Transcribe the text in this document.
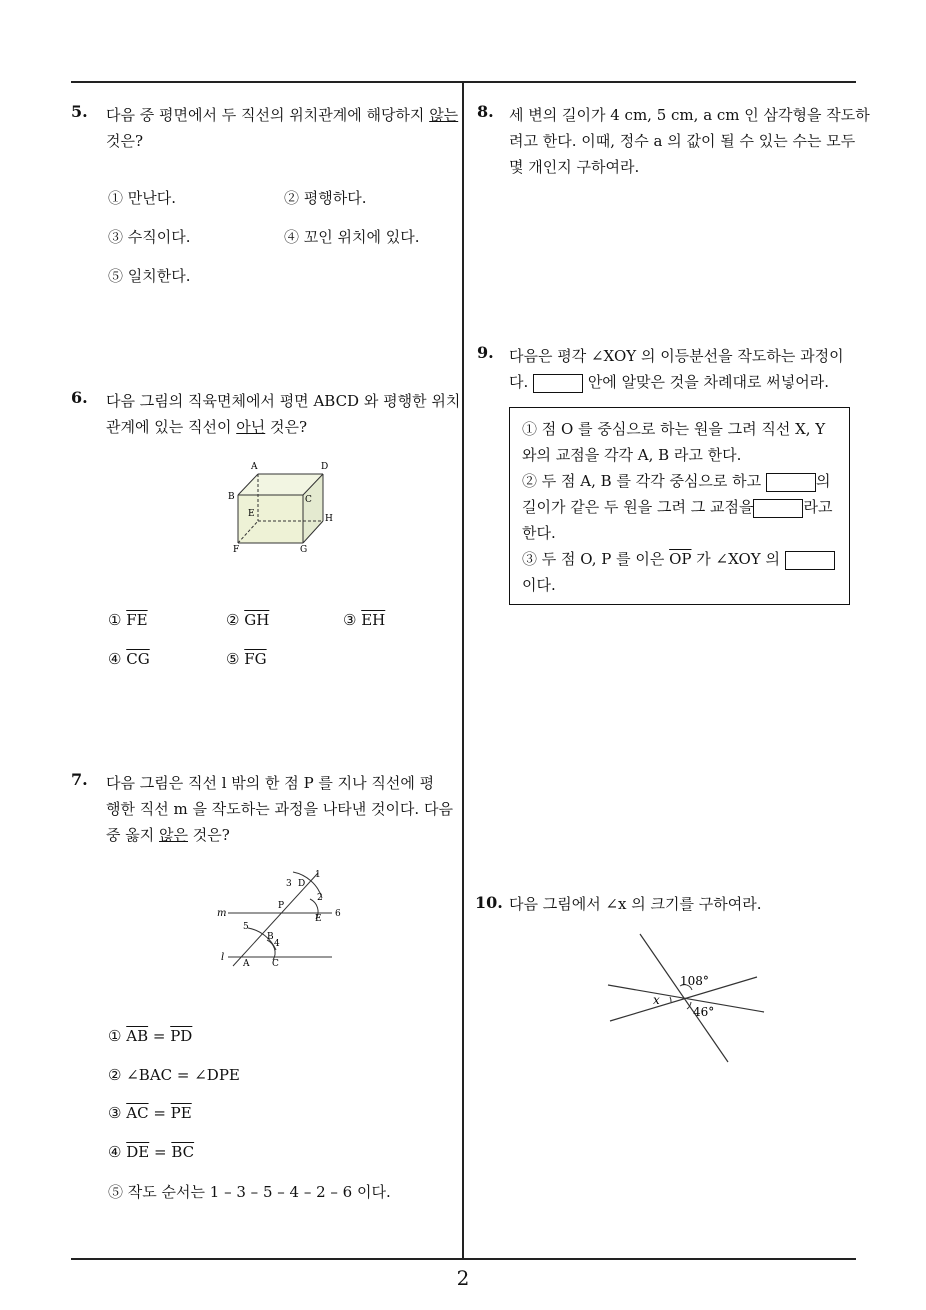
5. 다음 중 평면에서 두 직선의 위치관계에 해당하지 않는
것은?
① 만난다.	② 평행하다.
③ 수직이다.	④ 꼬인 위치에 있다.
⑤ 일치한다.
6. 다음 그림의 직육면체에서 평면 ABCD 와 평행한 위치
관계에 있는 직선이 아닌 것은?
A	D
B	C
E	H
F	G
① $\overline{FE}$	② $\overline{GH}$	③ $\overline{EH}$
④ $\overline{CG}$	⑤ $\overline{FG}$
7. 다음 그림은 직선 l 밖의 한 점 P 를 지나 직선에 평
행한 직선 m 을 작도하는 과정을 나타낸 것이다. 다음
중 옳지 않은 것은?
m
l
P
D
E
B
A	C
1
2
3
4
5
6
① $\overline{AB} = \overline{PD}$
② ∠BAC = ∠DPE
③ $\overline{AC} = \overline{PE}$
④ $\overline{DE} = \overline{BC}$
⑤ 작도 순서는 1 – 3 – 5 – 4 – 2 – 6 이다.
8. 세 변의 길이가 4 cm, 5 cm, a cm 인 삼각형을 작도하
려고 한다. 이때, 정수 a 의 값이 될 수 있는 수는 모두
몇 개인지 구하여라.
9. 다음은 평각 ∠XOY 의 이등분선을 작도하는 과정이
다.	안에 알맞은 것을 차례대로 써넣어라.
① 점 O 를 중심으로 하는 원을 그려 직선 X, Y
와의 교점을 각각 A, B 라고 한다.
② 두 점 A, B 를 각각 중심으로 하고	의
길이가 같은 두 원을 그려 그 교점을	라고
한다.
③ 두 점 O, P 를 이은 $\overline{OP}$ 가 ∠XOY 의
이다.
10. 다음 그림에서 ∠x 의 크기를 구하여라.
108°
46°
x
2
